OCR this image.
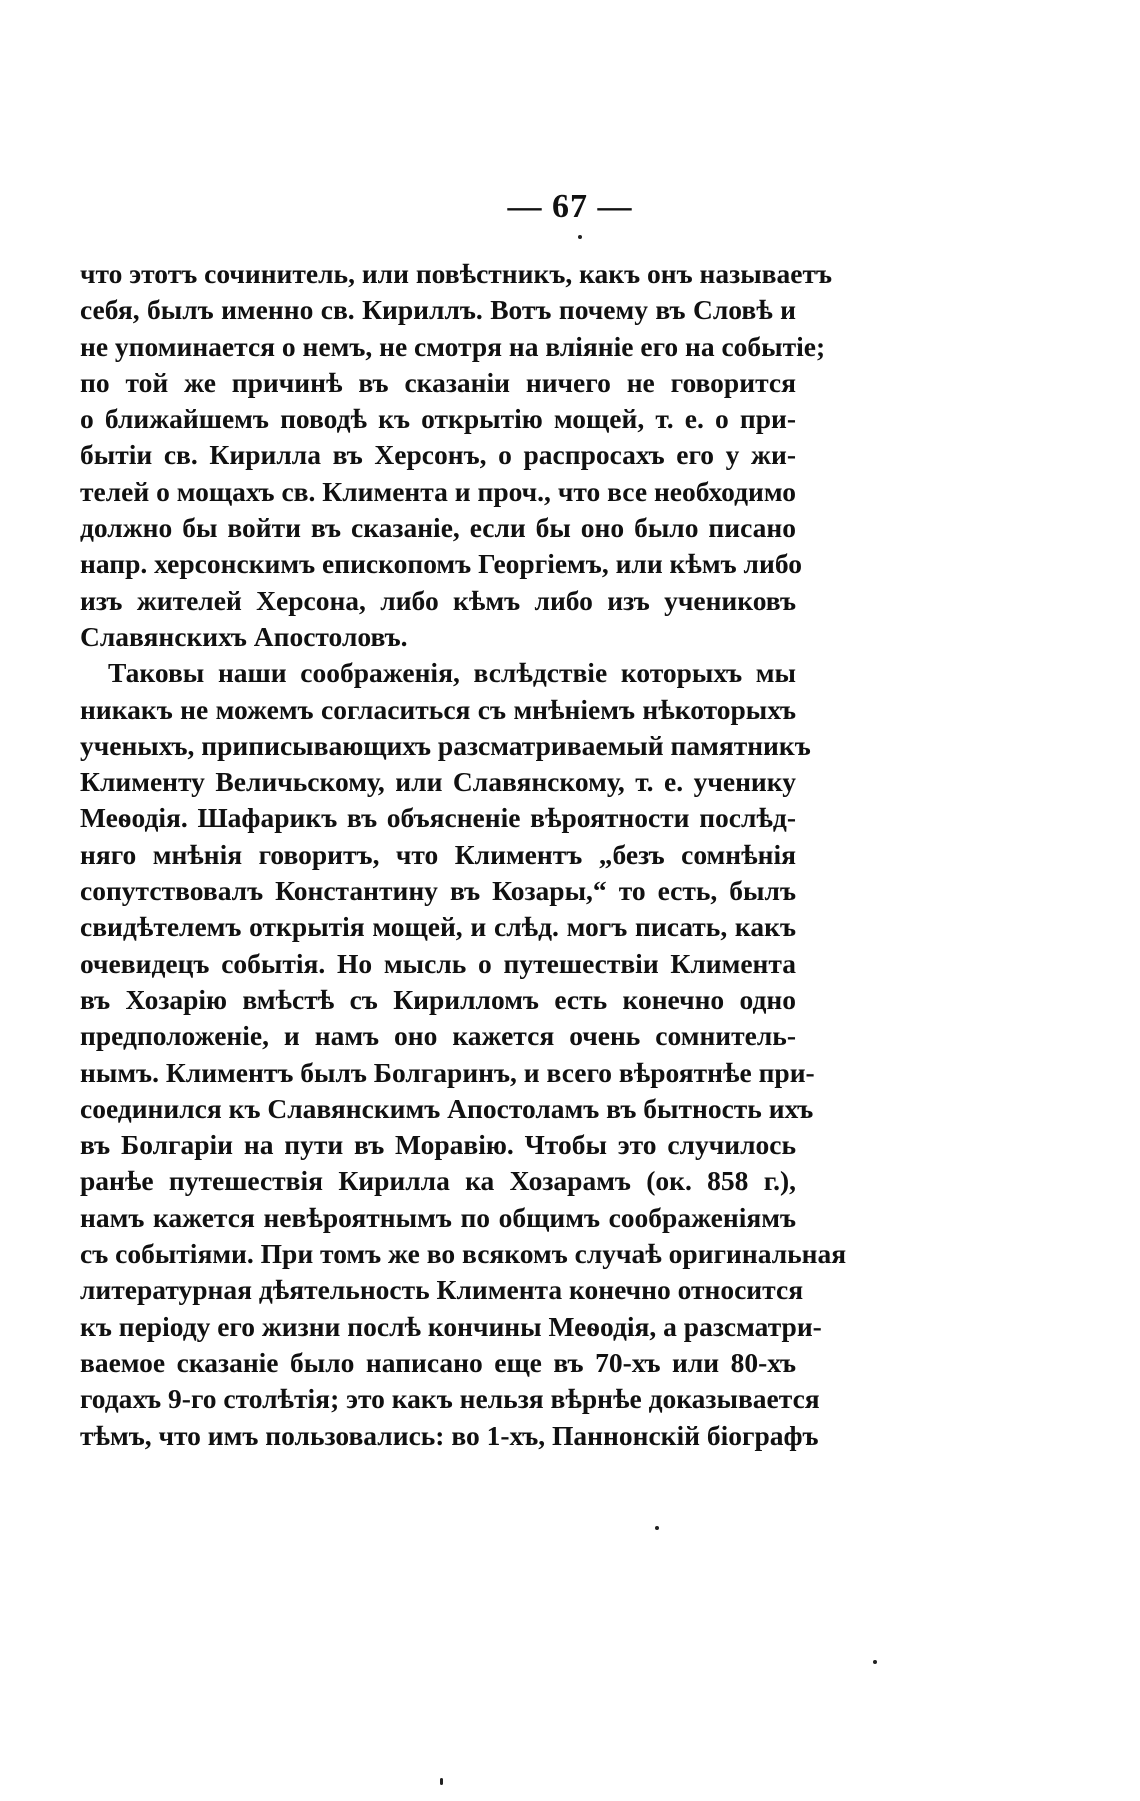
— 67 —
что этотъ сочинитель, или повѣстникъ, какъ онъ называетъ
себя, былъ именно св. Кириллъ. Вотъ почему въ Словѣ и
не упоминается о немъ, не смотря на вліяніе его на событіе;
по той же причинѣ въ сказаніи ничего не говорится
о ближайшемъ поводѣ къ открытію мощей, т. е. о при-
бытіи св. Кирилла въ Херсонъ, о распросахъ его у жи-
телей о мощахъ св. Климента и проч., что все необходимо
должно бы войти въ сказаніе, если бы оно было писано
напр. херсонскимъ епископомъ Георгіемъ, или кѣмъ либо
изъ жителей Херсона, либо кѣмъ либо изъ учениковъ
Славянскихъ Апостоловъ.
Таковы наши соображенія, вслѣдствіе которыхъ мы
никакъ не можемъ согласиться съ мнѣніемъ нѣкоторыхъ
ученыхъ, приписывающихъ разсматриваемый памятникъ
Клименту Величьскому, или Славянскому, т. е. ученику
Меѳодія. Шафарикъ въ объясненіе вѣроятности послѣд-
няго мнѣнія говоритъ, что Климентъ „безъ сомнѣнія
сопутствовалъ Константину въ Козары,“ то есть, былъ
свидѣтелемъ открытія мощей, и слѣд. могъ писать, какъ
очевидецъ событія. Но мысль о путешествіи Климента
въ Хозарію вмѣстѣ съ Кирилломъ есть конечно одно
предположеніе, и намъ оно кажется очень сомнитель-
нымъ. Климентъ былъ Болгаринъ, и всего вѣроятнѣе при-
соединился къ Славянскимъ Апостоламъ въ бытность ихъ
въ Болгаріи на пути въ Моравію. Чтобы это случилось
ранѣе путешествія Кирилла ка Хозарамъ (ок. 858 г.),
намъ кажется невѣроятнымъ по общимъ соображеніямъ
съ событіями. При томъ же во всякомъ случаѣ оригинальная
литературная дѣятельность Климента конечно относится
къ періоду его жизни послѣ кончины Меѳодія, а разсматри-
ваемое сказаніе было написано еще въ 70-хъ или 80-хъ
годахъ 9-го столѣтія; это какъ нельзя вѣрнѣе доказывается
тѣмъ, что имъ пользовались: во 1-хъ, Паннонскій біографъ
